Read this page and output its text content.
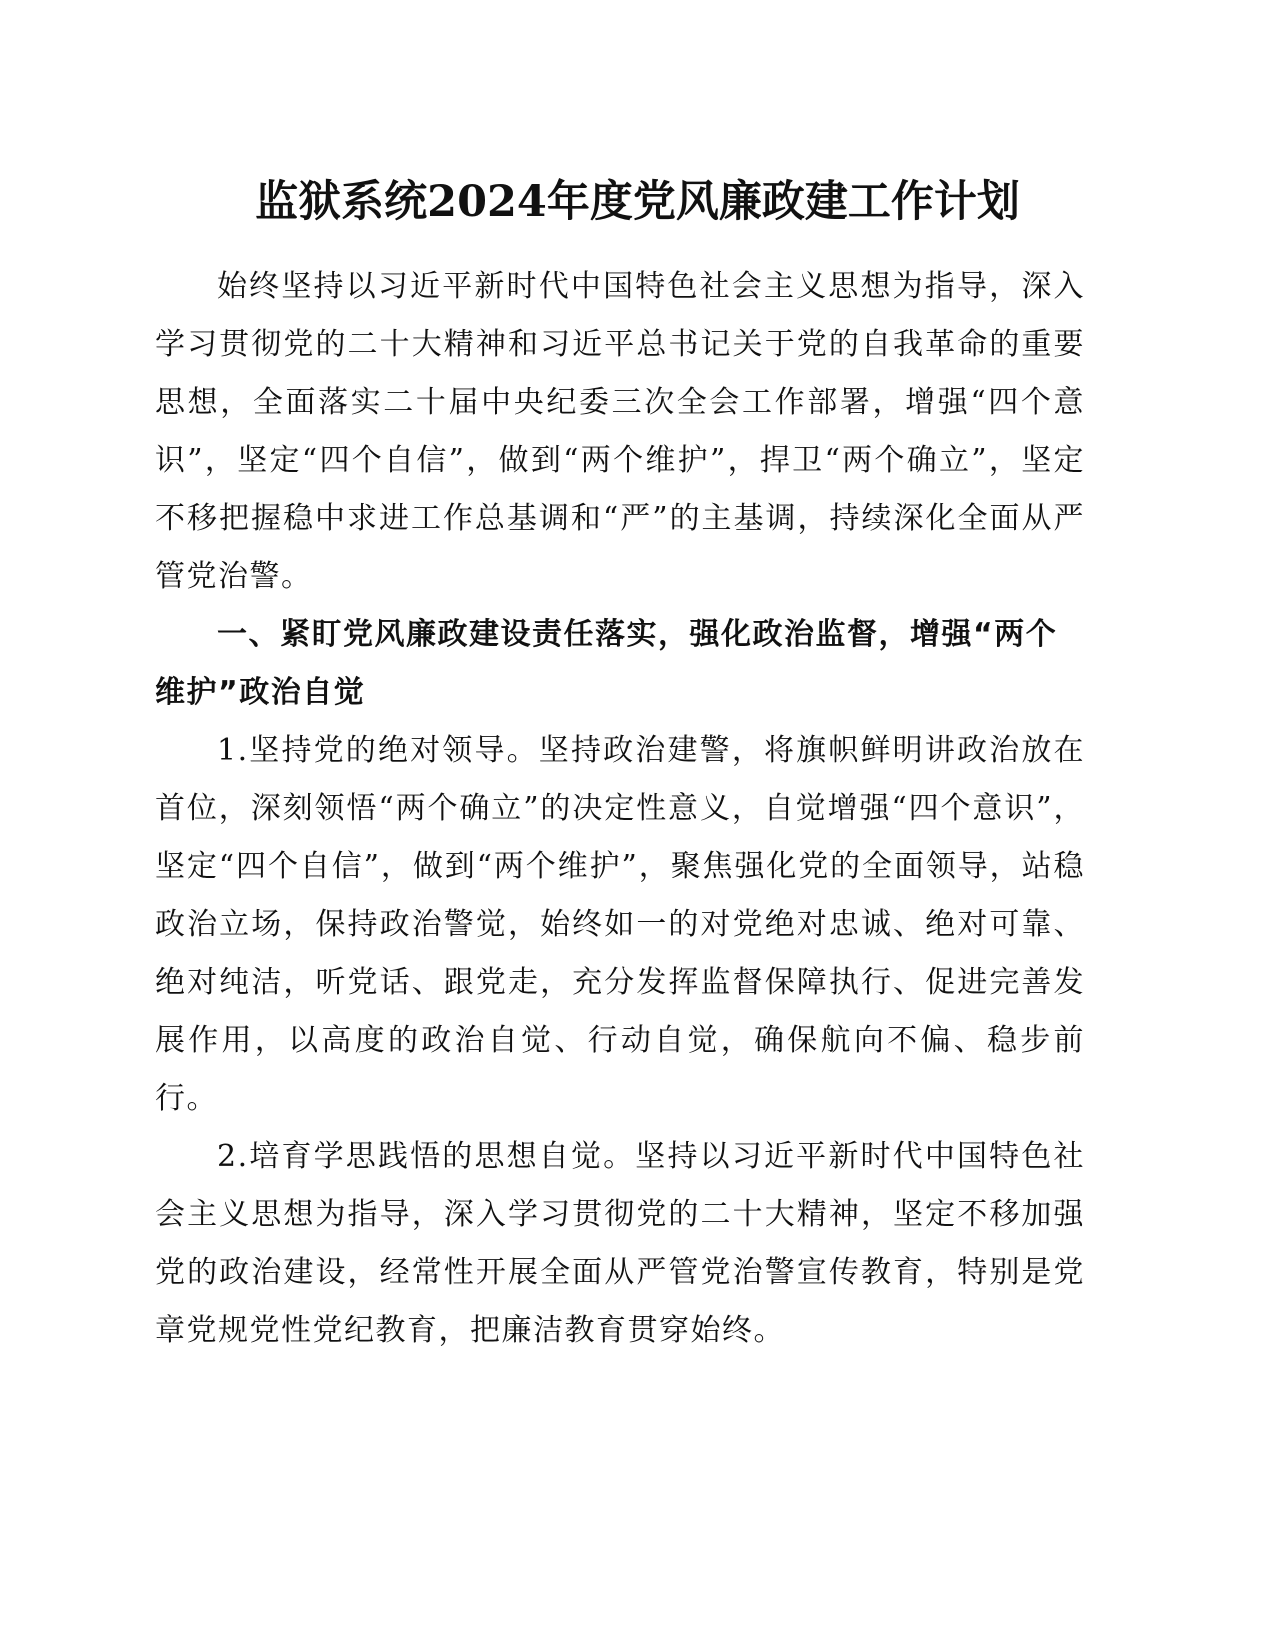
监狱系统2024年度党风廉政建工作计划

始终坚持以习近平新时代中国特色社会主义思想为指导，深入学习贯彻党的二十大精神和习近平总书记关于党的自我革命的重要思想，全面落实二十届中央纪委三次全会工作部署，增强“四个意识”，坚定“四个自信”，做到“两个维护”，捍卫“两个确立”，坚定不移把握稳中求进工作总基调和“严”的主基调，持续深化全面从严管党治警。

一、紧盯党风廉政建设责任落实，强化政治监督，增强“两个维护”政治自觉

1.坚持党的绝对领导。坚持政治建警，将旗帜鲜明讲政治放在首位，深刻领悟“两个确立”的决定性意义，自觉增强“四个意识”，坚定“四个自信”，做到“两个维护”，聚焦强化党的全面领导，站稳政治立场，保持政治警觉，始终如一的对党绝对忠诚、绝对可靠、绝对纯洁，听党话、跟党走，充分发挥监督保障执行、促进完善发展作用，以高度的政治自觉、行动自觉，确保航向不偏、稳步前行。

2.培育学思践悟的思想自觉。坚持以习近平新时代中国特色社会主义思想为指导，深入学习贯彻党的二十大精神，坚定不移加强党的政治建设，经常性开展全面从严管党治警宣传教育，特别是党章党规党性党纪教育，把廉洁教育贯穿始终。
